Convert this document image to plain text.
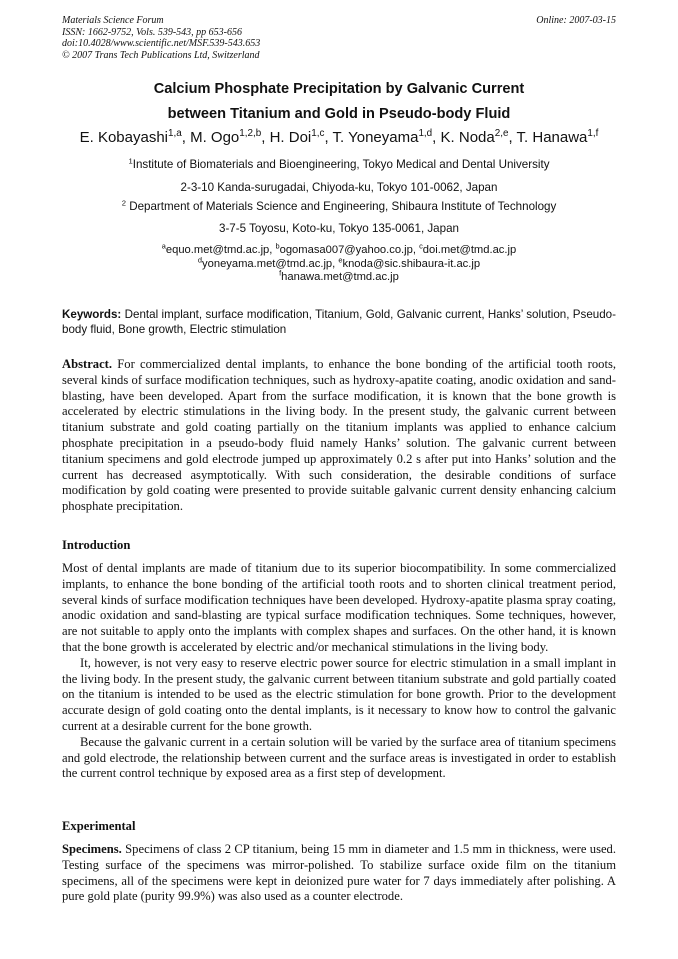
Materials Science Forum
ISSN: 1662-9752, Vols. 539-543, pp 653-656
doi:10.4028/www.scientific.net/MSF.539-543.653
© 2007 Trans Tech Publications Ltd, Switzerland
Online: 2007-03-15
Calcium Phosphate Precipitation by Galvanic Current
between Titanium and Gold in Pseudo-body Fluid
E. Kobayashi$^{1,a}$, M. Ogo$^{1,2,b}$, H. Doi$^{1,c}$, T. Yoneyama$^{1,d}$, K. Noda$^{2,e}$, T. Hanawa$^{1,f}$
$^1$Institute of Biomaterials and Bioengineering, Tokyo Medical and Dental University
2-3-10 Kanda-surugadai, Chiyoda-ku, Tokyo 101-0062, Japan
$^2$ Department of Materials Science and Engineering, Shibaura Institute of Technology
3-7-5 Toyosu, Koto-ku, Tokyo 135-0061, Japan
$^a$equo.met@tmd.ac.jp, $^b$ogomasa007@yahoo.co.jp, $^c$doi.met@tmd.ac.jp
$^d$yoneyama.met@tmd.ac.jp, $^e$knoda@sic.shibaura-it.ac.jp
$^f$hanawa.met@tmd.ac.jp
Keywords: Dental implant, surface modification, Titanium, Gold, Galvanic current, Hanks’ solution, Pseudo-body fluid, Bone growth, Electric stimulation
Abstract. For commercialized dental implants, to enhance the bone bonding of the artificial tooth roots, several kinds of surface modification techniques, such as hydroxy-apatite coating, anodic oxidation and sand-blasting, have been developed. Apart from the surface modification, it is known that the bone growth is accelerated by electric stimulations in the living body. In the present study, the galvanic current between titanium substrate and gold coating partially on the titanium implants was applied to enhance calcium phosphate precipitation in a pseudo-body fluid namely Hanks’ solution. The galvanic current between titanium specimens and gold electrode jumped up approximately 0.2 s after put into Hanks’ solution and the current has decreased asymptotically. With such consideration, the desirable conditions of surface modification by gold coating were presented to provide suitable galvanic current density enhancing calcium phosphate precipitation.
Introduction
Most of dental implants are made of titanium due to its superior biocompatibility. In some commercialized implants, to enhance the bone bonding of the artificial tooth roots and to shorten clinical treatment period, several kinds of surface modification techniques have been developed. Hydroxy-apatite plasma spray coating, anodic oxidation and sand-blasting are typical surface modification techniques. Some techniques, however, are not suitable to apply onto the implants with complex shapes and surfaces. On the other hand, it is known that the bone growth is accelerated by electric and/or mechanical stimulations in the living body.
It, however, is not very easy to reserve electric power source for electric stimulation in a small implant in the living body. In the present study, the galvanic current between titanium substrate and gold partially coated on the titanium is intended to be used as the electric stimulation for bone growth. Prior to the development accurate design of gold coating onto the dental implants, is it necessary to know how to control the galvanic current at a desirable current for the bone growth.
Because the galvanic current in a certain solution will be varied by the surface area of titanium specimens and gold electrode, the relationship between current and the surface areas is investigated in order to establish the current control technique by exposed area as a first step of development.
Experimental
Specimens. Specimens of class 2 CP titanium, being 15 mm in diameter and 1.5 mm in thickness, were used. Testing surface of the specimens was mirror-polished. To stabilize surface oxide film on the titanium specimens, all of the specimens were kept in deionized pure water for 7 days immediately after polishing. A pure gold plate (purity 99.9%) was also used as a counter electrode.
